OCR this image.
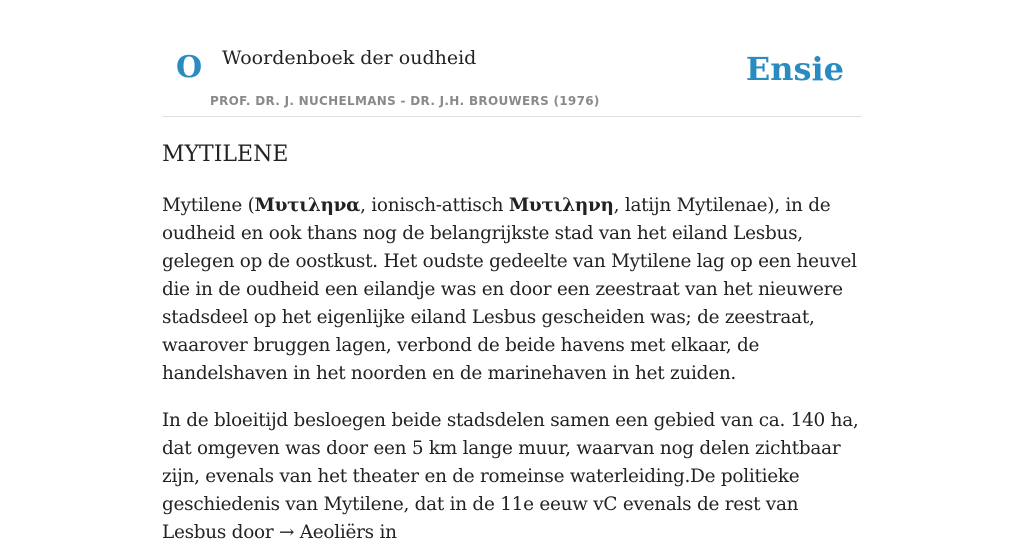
O Woordenboek der oudheid
PROF. DR. J. NUCHELMANS - DR. J.H. BROUWERS (1976)
Ensie
MYTILENE

Mytilene (Μυτιληνα, ionisch-attisch Μυτιληνη, latijn Mytilenae), in de oudheid en ook thans nog de belangrijkste stad van het eiland Lesbus, gelegen op de oostkust. Het oudste gedeelte van Mytilene lag op een heuvel die in de oudheid een eilandje was en door een zeestraat van het nieuwere stadsdeel op het eigenlijke eiland Lesbus gescheiden was; de zeestraat, waarover bruggen lagen, verbond de beide havens met elkaar, de handelshaven in het noorden en de marinehaven in het zuiden.

In de bloeitijd besloegen beide stadsdelen samen een gebied van ca. 140 ha, dat omgeven was door een 5 km lange muur, waarvan nog delen zichtbaar zijn, evenals van het theater en de romeinse waterleiding.De politieke geschiedenis van Mytilene, dat in de 11e eeuw vC evenals de rest van Lesbus door → Aeoliërs in
